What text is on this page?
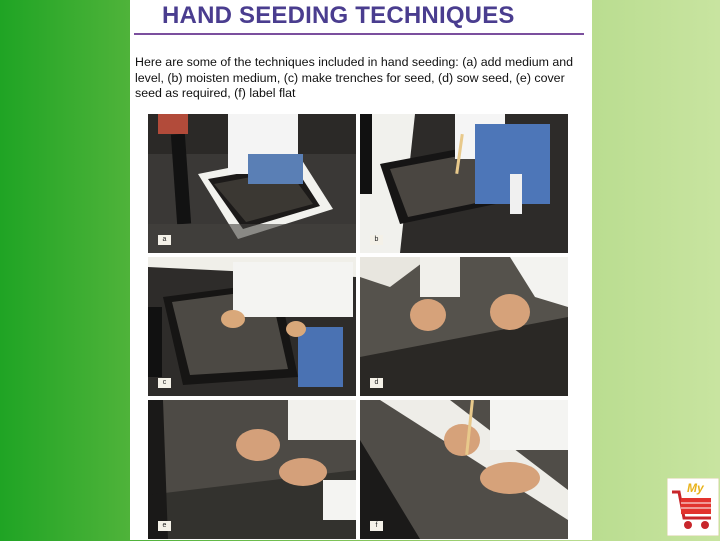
HAND SEEDING TECHNIQUES
Here are some of the techniques included in hand seeding: (a) add medium and level, (b) moisten medium, (c) make trenches for seed, (d) sow seed, (e) cover seed as required, (f) label flat
a	b
c	d
e	f
My
